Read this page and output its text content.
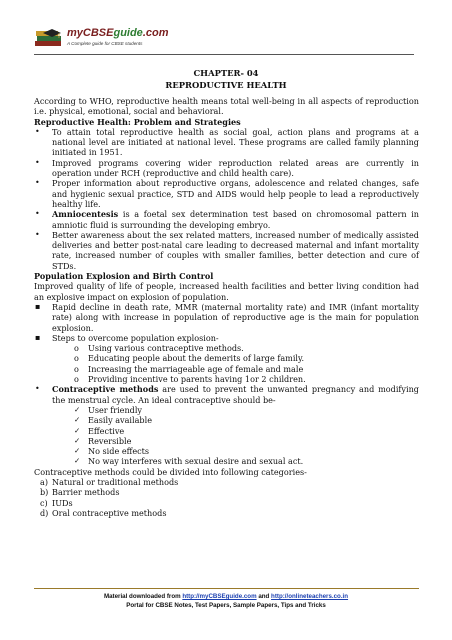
myCBSEguide.com
A Complete guide for CBSE students
CHAPTER- 04
REPRODUCTIVE HEALTH
According to WHO, reproductive health means total well-being in all aspects of reproduction i.e. physical, emotional, social and behavioral.
Reproductive Health: Problem and Strategies
• To attain total reproductive health as social goal, action plans and programs at a national level are initiated at national level. These programs are called family planning initiated in 1951.
• Improved programs covering wider reproduction related areas are currently in operation under RCH (reproductive and child health care).
• Proper information about reproductive organs, adolescence and related changes, safe and hygienic sexual practice, STD and AIDS would help people to lead a reproductively healthy life.
• Amniocentesis is a foetal sex determination test based on chromosomal pattern in amniotic fluid is surrounding the developing embryo.
• Better awareness about the sex related matters, increased number of medically assisted deliveries and better post-natal care leading to decreased maternal and infant mortality rate, increased number of couples with smaller families, better detection and cure of STDs.
Population Explosion and Birth Control
Improved quality of life of people, increased health facilities and better living condition had an explosive impact on explosion of population.
▪ Rapid decline in death rate, MMR (maternal mortality rate) and IMR (infant mortality rate) along with increase in population of reproductive age is the main for population explosion.
▪ Steps to overcome population explosion-
o Using various contraceptive methods.
o Educating people about the demerits of large family.
o Increasing the marriageable age of female and male
o Providing incentive to parents having 1or 2 children.
• Contraceptive methods are used to prevent the unwanted pregnancy and modifying the menstrual cycle. An ideal contraceptive should be-
✓ User friendly
✓ Easily available
✓ Effective
✓ Reversible
✓ No side effects
✓ No way interferes with sexual desire and sexual act.
Contraceptive methods could be divided into following categories-
a) Natural or traditional methods
b) Barrier methods
c) IUDs
d) Oral contraceptive methods
Material downloaded from http://myCBSEguide.com and http://onlineteachers.co.in
Portal for CBSE Notes, Test Papers, Sample Papers, Tips and Tricks
